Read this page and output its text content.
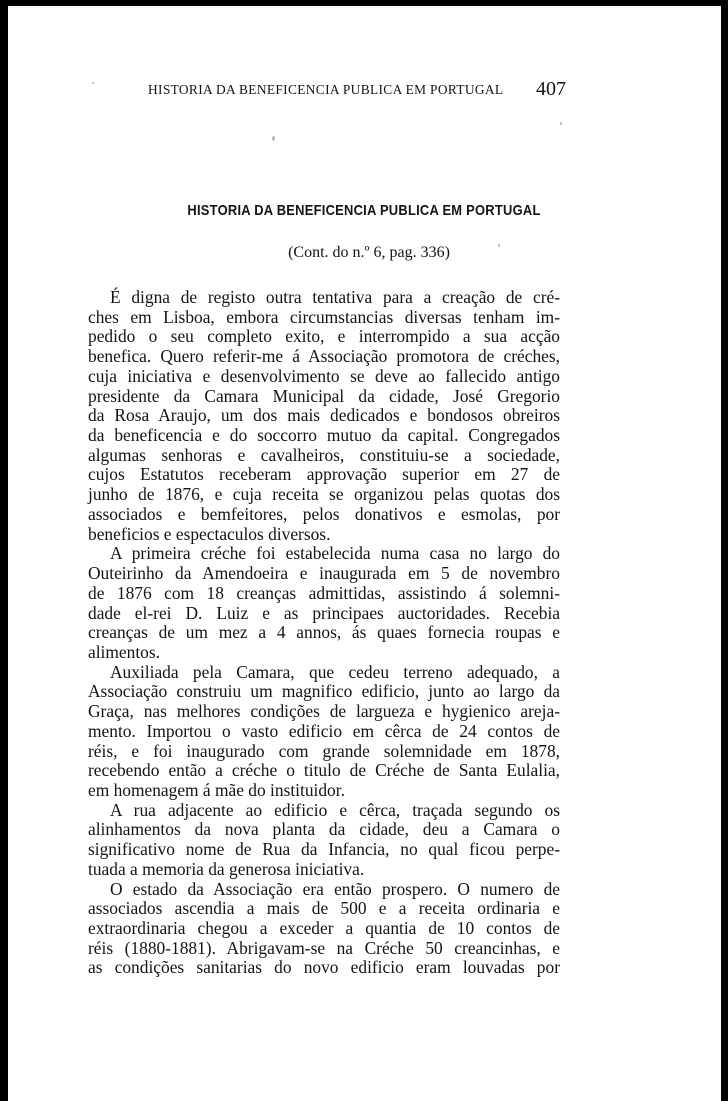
HISTORIA DA BENEFICENCIA PUBLICA EM PORTUGAL 407
HISTORIA DA BENEFICENCIA PUBLICA EM PORTUGAL
(Cont. do n.º 6, pag. 336)
É digna de registo outra tentativa para a creação de cré-
ches em Lisboa, embora circumstancias diversas tenham im-
pedido o seu completo exito, e interrompido a sua acção
benefica. Quero referir-me á Associação promotora de créches,
cuja iniciativa e desenvolvimento se deve ao fallecido antigo
presidente da Camara Municipal da cidade, José Gregorio
da Rosa Araujo, um dos mais dedicados e bondosos obreiros
da beneficencia e do soccorro mutuo da capital. Congregados
algumas senhoras e cavalheiros, constituiu-se a sociedade,
cujos Estatutos receberam approvação superior em 27 de
junho de 1876, e cuja receita se organizou pelas quotas dos
associados e bemfeitores, pelos donativos e esmolas, por
beneficios e espectaculos diversos.
A primeira créche foi estabelecida numa casa no largo do
Outeirinho da Amendoeira e inaugurada em 5 de novembro
de 1876 com 18 creanças admittidas, assistindo á solemni-
dade el-rei D. Luiz e as principaes auctoridades. Recebia
creanças de um mez a 4 annos, ás quaes fornecia roupas e
alimentos.
Auxiliada pela Camara, que cedeu terreno adequado, a
Associação construiu um magnifico edificio, junto ao largo da
Graça, nas melhores condições de largueza e hygienico areja-
mento. Importou o vasto edificio em cêrca de 24 contos de
réis, e foi inaugurado com grande solemnidade em 1878,
recebendo então a créche o titulo de Créche de Santa Eulalia,
em homenagem á mãe do instituidor.
A rua adjacente ao edificio e cêrca, traçada segundo os
alinhamentos da nova planta da cidade, deu a Camara o
significativo nome de Rua da Infancia, no qual ficou perpe-
tuada a memoria da generosa iniciativa.
O estado da Associação era então prospero. O numero de
associados ascendia a mais de 500 e a receita ordinaria e
extraordinaria chegou a exceder a quantia de 10 contos de
réis (1880-1881). Abrigavam-se na Créche 50 creancinhas, e
as condições sanitarias do novo edificio eram louvadas por
